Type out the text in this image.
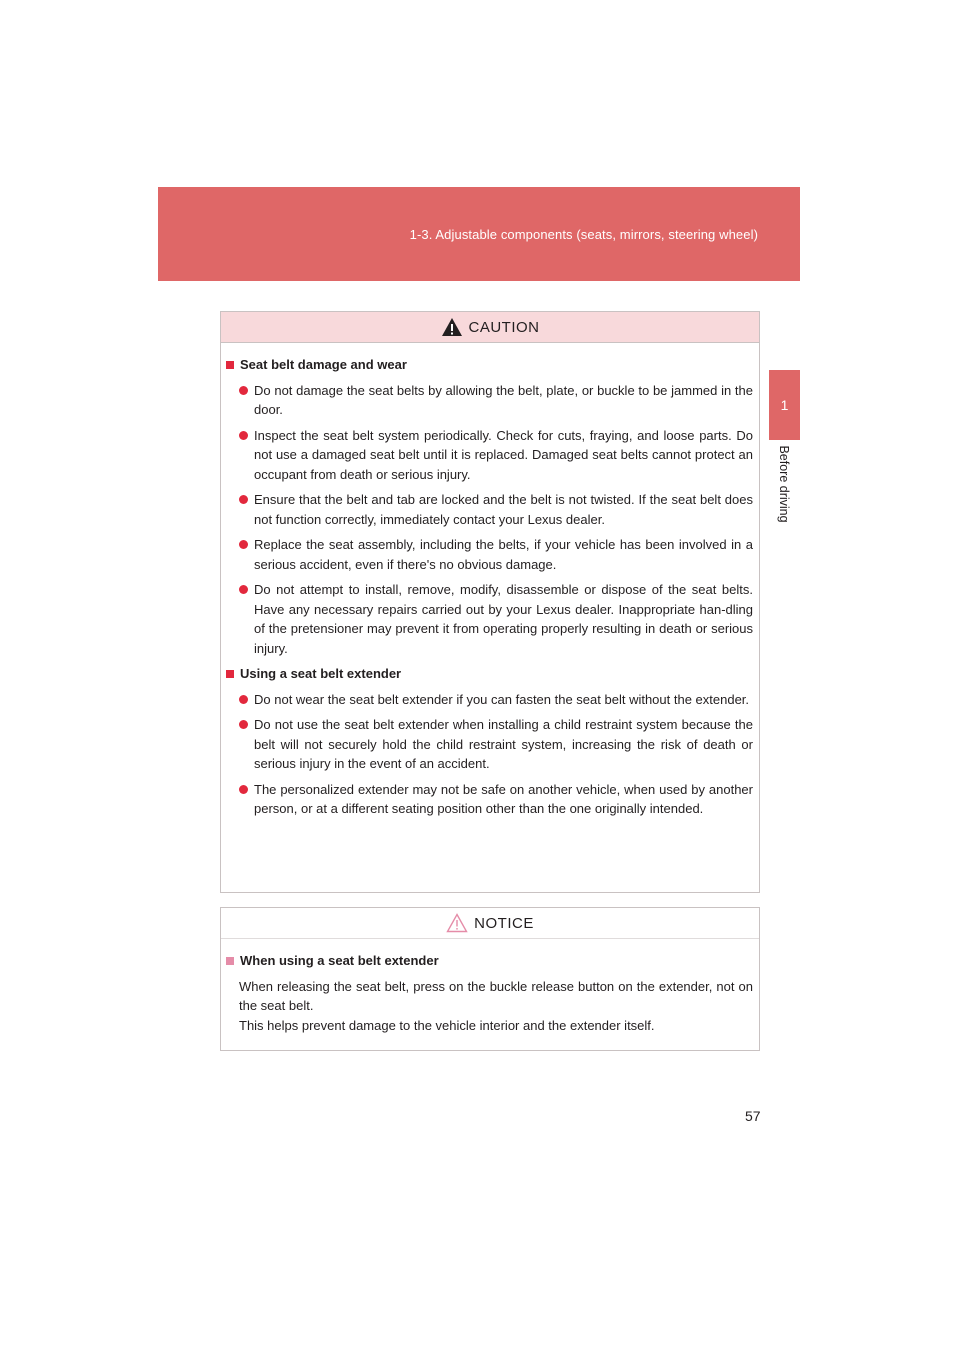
1-3. Adjustable components (seats, mirrors, steering wheel)
1
Before driving
CAUTION
Seat belt damage and wear
Do not damage the seat belts by allowing the belt, plate, or buckle to be jammed in the door.
Inspect the seat belt system periodically. Check for cuts, fraying, and loose parts. Do not use a damaged seat belt until it is replaced. Damaged seat belts cannot protect an occupant from death or serious injury.
Ensure that the belt and tab are locked and the belt is not twisted. If the seat belt does not function correctly, immediately contact your Lexus dealer.
Replace the seat assembly, including the belts, if your vehicle has been involved in a serious accident, even if there's no obvious damage.
Do not attempt to install, remove, modify, disassemble or dispose of the seat belts. Have any necessary repairs carried out by your Lexus dealer. Inappropriate han-dling of the pretensioner may prevent it from operating properly resulting in death or serious injury.
Using a seat belt extender
Do not wear the seat belt extender if you can fasten the seat belt without the extender.
Do not use the seat belt extender when installing a child restraint system because the belt will not securely hold the child restraint system, increasing the risk of death or serious injury in the event of an accident.
The personalized extender may not be safe on another vehicle, when used by another person, or at a different seating position other than the one originally intended.
NOTICE
When using a seat belt extender

When releasing the seat belt, press on the buckle release button on the extender, not on the seat belt.

This helps prevent damage to the vehicle interior and the extender itself.

57
